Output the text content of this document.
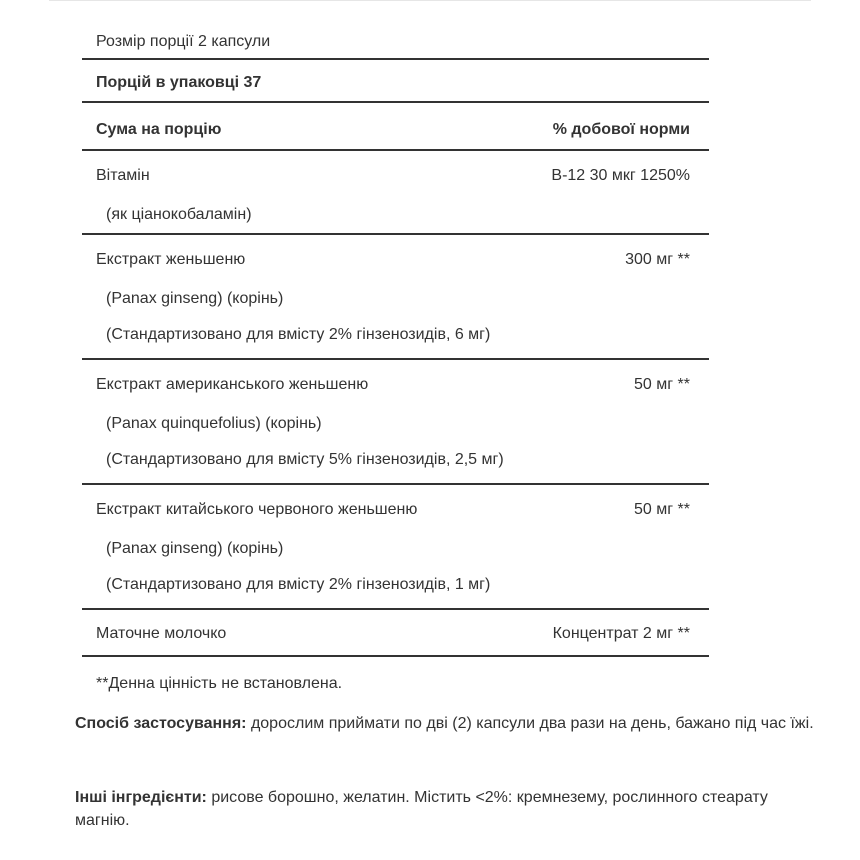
Розмір порції 2 капсули
Порцій в упаковці 37
Сума на порцію	% добової норми
Вітамін	В-12 30 мкг 1250%
(як ціанокобаламін)
Екстракт женьшеню	300 мг **
(Panax ginseng) (корінь)
(Стандартизовано для вмісту 2% гінзенозидів, 6 мг)
Екстракт американського женьшеню	50 мг **
(Panax quinquefolius) (корінь)
(Стандартизовано для вмісту 5% гінзенозидів, 2,5 мг)
Екстракт китайського червоного женьшеню	50 мг **
(Panax ginseng) (корінь)
(Стандартизовано для вмісту 2% гінзенозидів, 1 мг)
Маточне молочко	Концентрат 2 мг **
**Денна цінність не встановлена.
Спосіб застосування: дорослим приймати по дві (2) капсули два рази на день, бажано під час їжі.
Інші інгредієнти: рисове борошно, желатин. Містить <2%: кремнезему, рослинного стеарату магнію.
